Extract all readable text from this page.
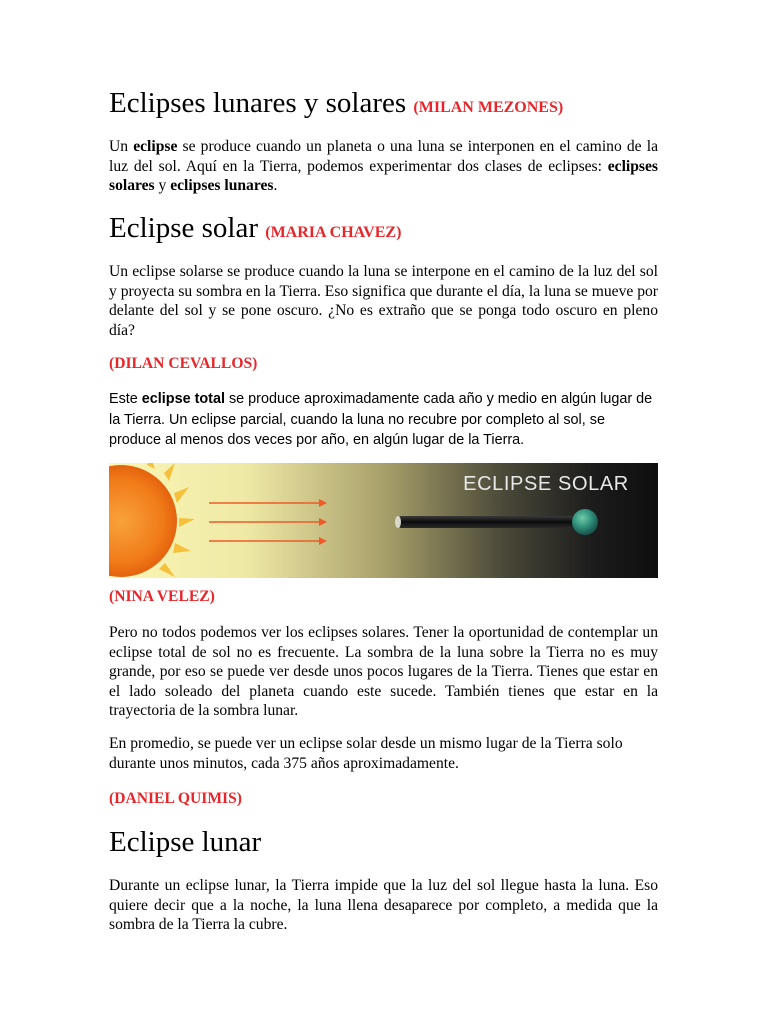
Eclipses lunares y solares (MILAN MEZONES)

Un eclipse se produce cuando un planeta o una luna se interponen en el camino de la luz del sol. Aquí en la Tierra, podemos experimentar dos clases de eclipses: eclipses solares y eclipses lunares.

Eclipse solar (MARIA CHAVEZ)

Un eclipse solarse se produce cuando la luna se interpone en el camino de la luz del sol y proyecta su sombra en la Tierra. Eso significa que durante el día, la luna se mueve por delante del sol y se pone oscuro. ¿No es extraño que se ponga todo oscuro en pleno día?

(DILAN CEVALLOS)

Este eclipse total se produce aproximadamente cada año y medio en algún lugar de la Tierra. Un eclipse parcial, cuando la luna no recubre por completo al sol, se produce al menos dos veces por año, en algún lugar de la Tierra.

ECLIPSE SOLAR
(NINA VELEZ)

Pero no todos podemos ver los eclipses solares. Tener la oportunidad de contemplar un eclipse total de sol no es frecuente. La sombra de la luna sobre la Tierra no es muy grande, por eso se puede ver desde unos pocos lugares de la Tierra. Tienes que estar en el lado soleado del planeta cuando este sucede. También tienes que estar en la trayectoria de la sombra lunar.

En promedio, se puede ver un eclipse solar desde un mismo lugar de la Tierra solo durante unos minutos, cada 375 años aproximadamente.

(DANIEL QUIMIS)
Eclipse lunar

Durante un eclipse lunar, la Tierra impide que la luz del sol llegue hasta la luna. Eso quiere decir que a la noche, la luna llena desaparece por completo, a medida que la sombra de la Tierra la cubre.
